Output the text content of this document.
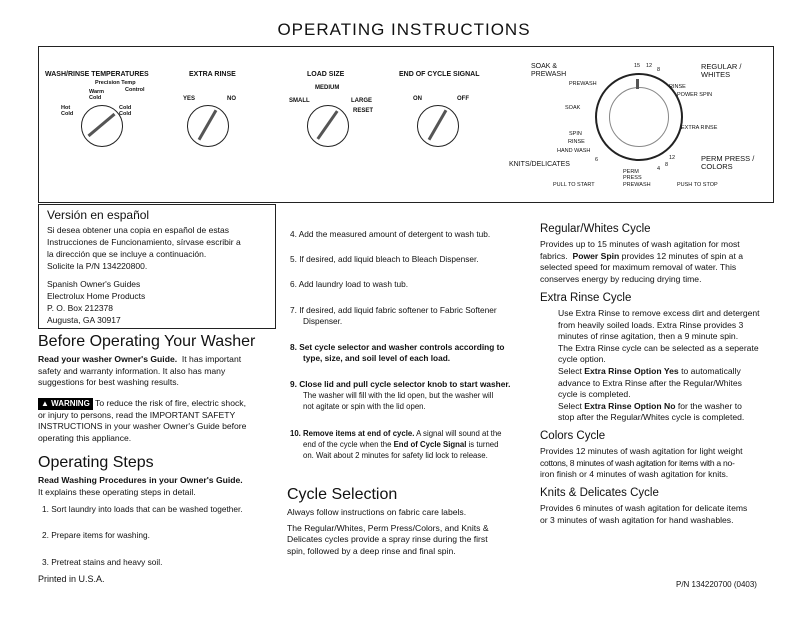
OPERATING INSTRUCTIONS
WASH/RINSE TEMPERATURES
Precision Temp
Control
Warm Cold
Hot Cold
Cold Cold
EXTRA RINSE
YES	NO
LOAD SIZE
MEDIUM
SMALL	LARGE
RESET
END OF CYCLE SIGNAL
ON	OFF
SOAK & PREWASH
REGULAR / WHITES
PERM PRESS / COLORS
KNITS/DELICATES
PREWASH
SOAK
SPIN
RINSE
HAND WASH
RINSE
POWER SPIN
EXTRA RINSE
PERM PRESS
PREWASH
15 12
8
12
8
4
6
PULL TO START	PUSH TO STOP
Versión en español
Si desea obtener una copia en español de estas
Instrucciones de Funcionamiento, sírvase escribir a
la dirección que se incluye a continuación.
Solicite la P/N 134220800.
Spanish Owner's Guides
Electrolux Home Products
P. O. Box 212378
Augusta, GA 30917
Before Operating Your Washer
Read your washer Owner's Guide. It has important
safety and warranty information. It also has many
suggestions for best washing results.
▲ WARNING To reduce the risk of fire, electric shock,
or injury to persons, read the IMPORTANT SAFETY
INSTRUCTIONS in your washer Owner's Guide before
operating this appliance.
Operating Steps
Read Washing Procedures in your Owner's Guide.
It explains these operating steps in detail.
1. Sort laundry into loads that can be washed together.
2. Prepare items for washing.
3. Pretreat stains and heavy soil.
4. Add the measured amount of detergent to wash tub.
5. If desired, add liquid bleach to Bleach Dispenser.
6. Add laundry load to wash tub.
7. If desired, add liquid fabric softener to Fabric Softener
Dispenser.
8. Set cycle selector and washer controls according to
type, size, and soil level of each load.
9. Close lid and pull cycle selector knob to start washer.
The washer will fill with the lid open, but the washer will
not agitate or spin with the lid open.
10. Remove items at end of cycle. A signal will sound at the
end of the cycle when the End of Cycle Signal is turned
on. Wait about 2 minutes for safety lid lock to release.
Cycle Selection
Always follow instructions on fabric care labels.
The Regular/Whites, Perm Press/Colors, and Knits &
Delicates cycles provide a spray rinse during the first
spin, followed by a deep rinse and final spin.
Regular/Whites Cycle
Provides up to 15 minutes of wash agitation for most
fabrics. Power Spin provides 12 minutes of spin at a
selected speed for maximum removal of water. This
conserves energy by reducing drying time.
Extra Rinse Cycle
Use Extra Rinse to remove excess dirt and detergent
from heavily soiled loads. Extra Rinse provides 3
minutes of rinse agitation, then a 9 minute spin.
The Extra Rinse cycle can be selected as a seperate
cycle option.
Select Extra Rinse Option Yes to automatically
advance to Extra Rinse after the Regular/Whites
cycle is completed.
Select Extra Rinse Option No for the washer to
stop after the Regular/Whites cycle is completed.
Colors Cycle
Provides 12 minutes of wash agitation for light weight
cottons, 8 minutes of wash agitation for items with a no-
iron finish or 4 minutes of wash agitation for knits.
Knits & Delicates Cycle
Provides 6 minutes of wash agitation for delicate items
or 3 minutes of wash agitation for hand washables.
Printed in U.S.A.
P/N 134220700 (0403)
